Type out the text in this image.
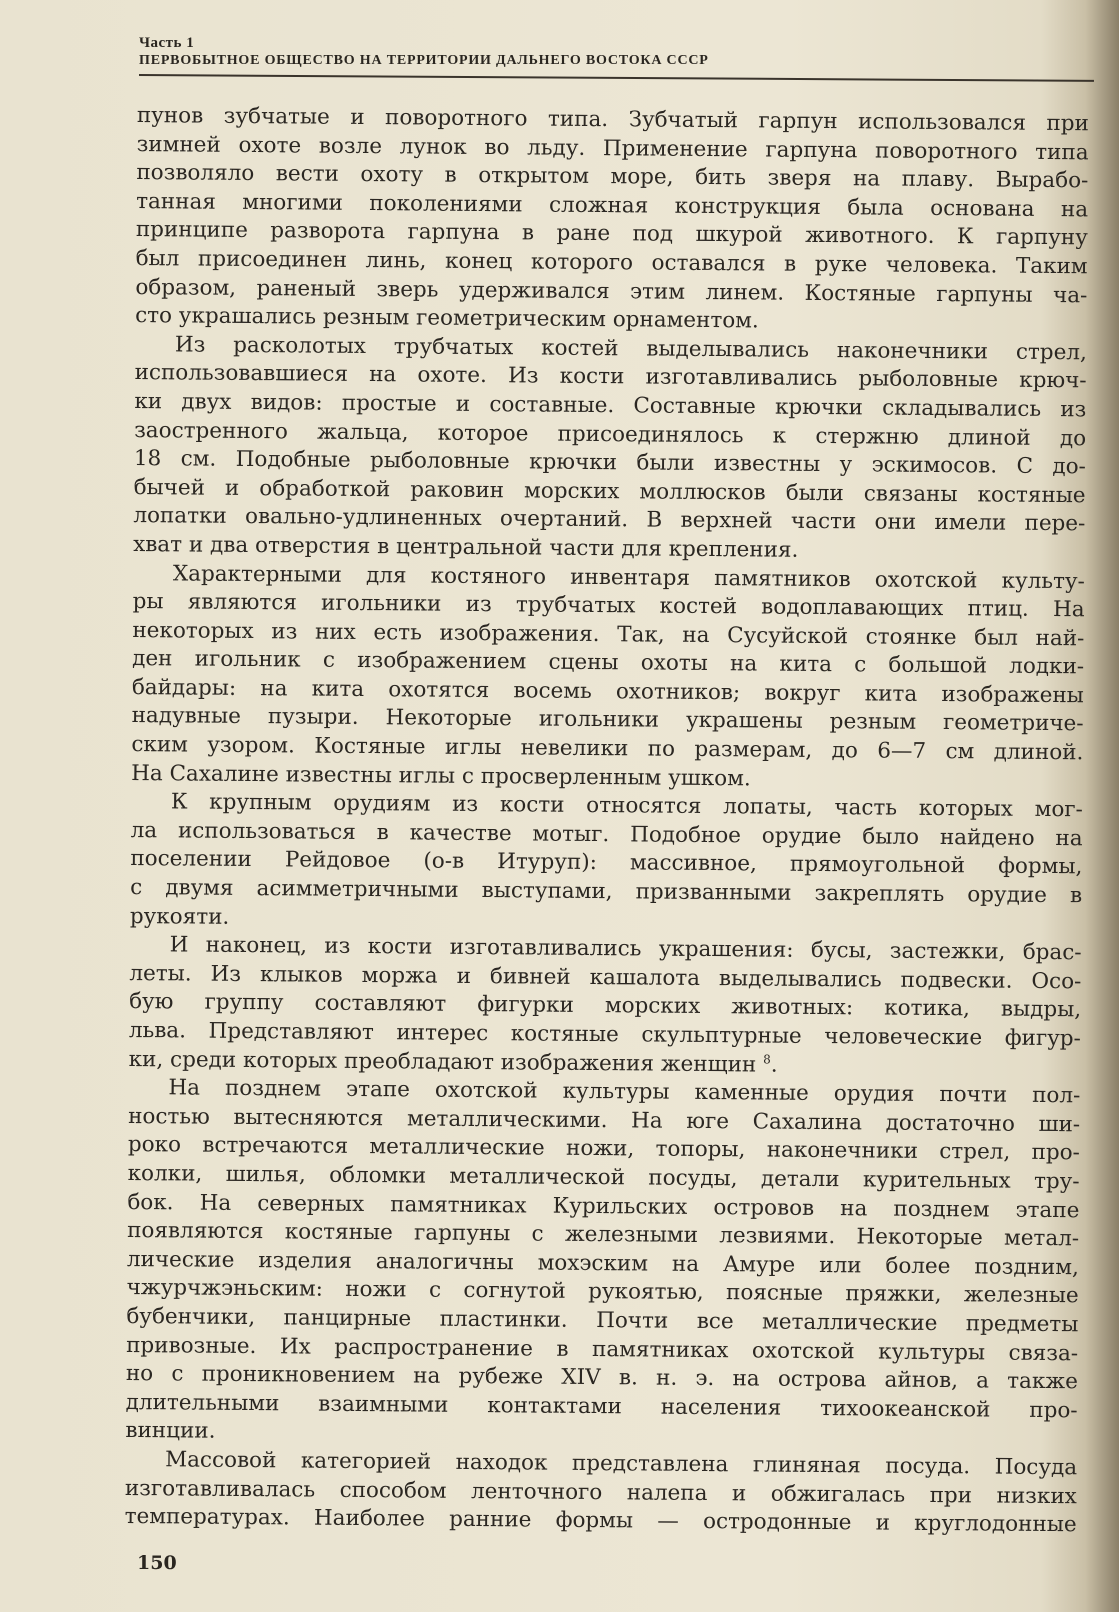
Часть 1
ПЕРВОБЫТНОЕ ОБЩЕСТВО НА ТЕРРИТОРИИ ДАЛЬНЕГО ВОСТОКА СССР
пунов зубчатые и поворотного типа. Зубчатый гарпун использовался при
зимней охоте возле лунок во льду. Применение гарпуна поворотного типа
позволяло вести охоту в открытом море, бить зверя на плаву. Вырабо-
танная многими поколениями сложная конструкция была основана на
принципе разворота гарпуна в ране под шкурой животного. К гарпуну
был присоединен линь, конец которого оставался в руке человека. Таким
образом, раненый зверь удерживался этим линем. Костяные гарпуны ча-
сто украшались резным геометрическим орнаментом.
Из расколотых трубчатых костей выделывались наконечники стрел,
использовавшиеся на охоте. Из кости изготавливались рыболовные крюч-
ки двух видов: простые и составные. Составные крючки складывались из
заостренного жальца, которое присоединялось к стержню длиной до
18 см. Подобные рыболовные крючки были известны у эскимосов. С до-
бычей и обработкой раковин морских моллюсков были связаны костяные
лопатки овально-удлиненных очертаний. В верхней части они имели пере-
хват и два отверстия в центральной части для крепления.
Характерными для костяного инвентаря памятников охотской культу-
ры являются игольники из трубчатых костей водоплавающих птиц. На
некоторых из них есть изображения. Так, на Сусуйской стоянке был най-
ден игольник с изображением сцены охоты на кита с большой лодки-
байдары: на кита охотятся восемь охотников; вокруг кита изображены
надувные пузыри. Некоторые игольники украшены резным геометриче-
ским узором. Костяные иглы невелики по размерам, до 6—7 см длиной.
На Сахалине известны иглы с просверленным ушком.
К крупным орудиям из кости относятся лопаты, часть которых мог-
ла использоваться в качестве мотыг. Подобное орудие было найдено на
поселении Рейдовое (о-в Итуруп): массивное, прямоугольной формы,
с двумя асимметричными выступами, призванными закреплять орудие в
рукояти.
И наконец, из кости изготавливались украшения: бусы, застежки, брас-
леты. Из клыков моржа и бивней кашалота выделывались подвески. Осо-
бую группу составляют фигурки морских животных: котика, выдры,
льва. Представляют интерес костяные скульптурные человеческие фигур-
ки, среди которых преобладают изображения женщин $^8$.
На позднем этапе охотской культуры каменные орудия почти пол-
ностью вытесняются металлическими. На юге Сахалина достаточно ши-
роко встречаются металлические ножи, топоры, наконечники стрел, про-
колки, шилья, обломки металлической посуды, детали курительных тру-
бок. На северных памятниках Курильских островов на позднем этапе
появляются костяные гарпуны с железными лезвиями. Некоторые метал-
лические изделия аналогичны мохэским на Амуре или более поздним,
чжурчжэньским: ножи с согнутой рукоятью, поясные пряжки, железные
бубенчики, панцирные пластинки. Почти все металлические предметы
привозные. Их распространение в памятниках охотской культуры связа-
но с проникновением на рубеже XIV в. н. э. на острова айнов, а также
длительными взаимными контактами населения тихоокеанской про-
винции.
Массовой категорией находок представлена глиняная посуда. Посуда
изготавливалась способом ленточного налепа и обжигалась при низких
температурах. Наиболее ранние формы — остродонные и круглодонные
150
